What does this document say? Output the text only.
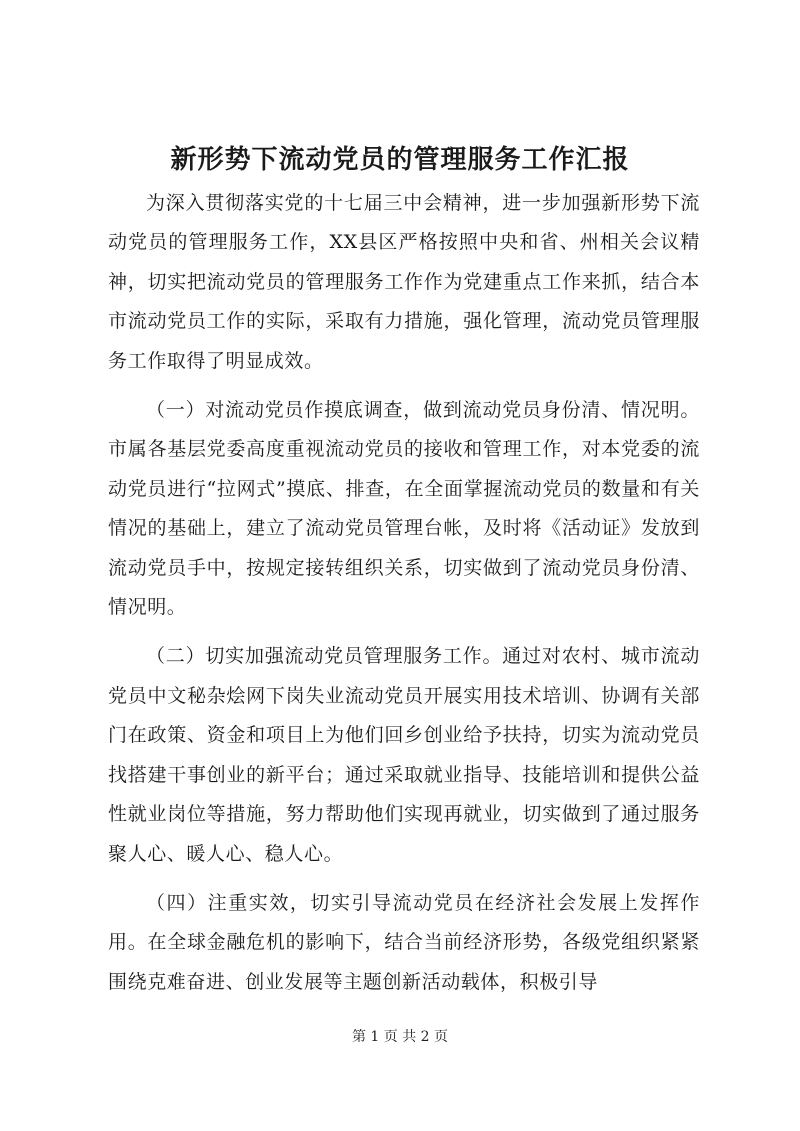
新形势下流动党员的管理服务工作汇报

为深入贯彻落实党的十七届三中会精神，进一步加强新形势下流动党员的管理服务工作，XX县区严格按照中央和省、州相关会议精神，切实把流动党员的管理服务工作作为党建重点工作来抓，结合本市流动党员工作的实际，采取有力措施，强化管理，流动党员管理服务工作取得了明显成效。

（一）对流动党员作摸底调查，做到流动党员身份清、情况明。市属各基层党委高度重视流动党员的接收和管理工作，对本党委的流动党员进行“拉网式”摸底、排查，在全面掌握流动党员的数量和有关情况的基础上，建立了流动党员管理台帐，及时将《活动证》发放到流动党员手中，按规定接转组织关系，切实做到了流动党员身份清、情况明。

（二）切实加强流动党员管理服务工作。通过对农村、城市流动党员中文秘杂烩网下岗失业流动党员开展实用技术培训、协调有关部门在政策、资金和项目上为他们回乡创业给予扶持，切实为流动党员找搭建干事创业的新平台；通过采取就业指导、技能培训和提供公益性就业岗位等措施，努力帮助他们实现再就业，切实做到了通过服务聚人心、暖人心、稳人心。

（四）注重实效，切实引导流动党员在经济社会发展上发挥作用。在全球金融危机的影响下，结合当前经济形势，各级党组织紧紧围绕克难奋进、创业发展等主题创新活动载体，积极引导

第 1 页 共 2 页
